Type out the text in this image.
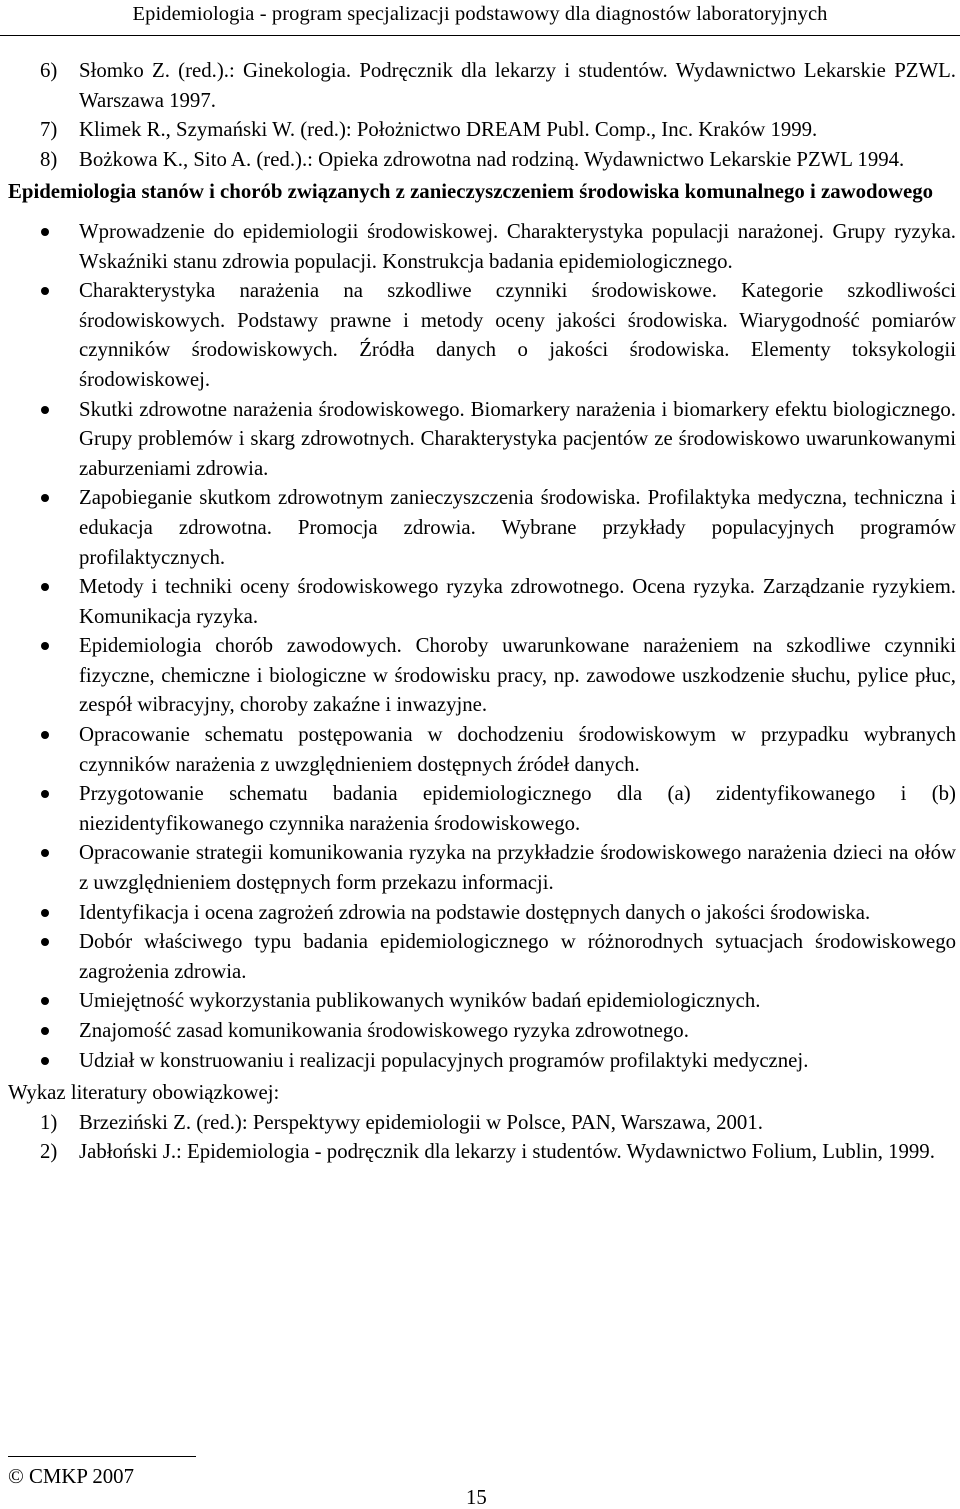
Epidemiologia - program specjalizacji podstawowy dla diagnostów laboratoryjnych
6) Słomko Z. (red.).: Ginekologia. Podręcznik dla lekarzy i studentów. Wydawnictwo Lekarskie PZWL. Warszawa 1997.
7) Klimek R., Szymański W. (red.): Położnictwo DREAM Publ. Comp., Inc. Kraków 1999.
8) Bożkowa K., Sito A. (red.).: Opieka zdrowotna nad rodziną. Wydawnictwo Lekarskie PZWL 1994.
Epidemiologia stanów i chorób związanych z zanieczyszczeniem środowiska komunalnego i zawodowego
Wprowadzenie do epidemiologii środowiskowej. Charakterystyka populacji narażonej. Grupy ryzyka. Wskaźniki stanu zdrowia populacji. Konstrukcja badania epidemiologicznego.
Charakterystyka narażenia na szkodliwe czynniki środowiskowe. Kategorie szkodliwości środowiskowych. Podstawy prawne i metody oceny jakości środowiska. Wiarygodność pomiarów czynników środowiskowych. Źródła danych o jakości środowiska. Elementy toksykologii środowiskowej.
Skutki zdrowotne narażenia środowiskowego. Biomarkery narażenia i biomarkery efektu biologicznego. Grupy problemów i skarg zdrowotnych. Charakterystyka pacjentów ze środowiskowo uwarunkowanymi zaburzeniami zdrowia.
Zapobieganie skutkom zdrowotnym zanieczyszczenia środowiska. Profilaktyka medyczna, techniczna i edukacja zdrowotna. Promocja zdrowia. Wybrane przykłady populacyjnych programów profilaktycznych.
Metody i techniki oceny środowiskowego ryzyka zdrowotnego. Ocena ryzyka. Zarządzanie ryzykiem. Komunikacja ryzyka.
Epidemiologia chorób zawodowych. Choroby uwarunkowane narażeniem na szkodliwe czynniki fizyczne, chemiczne i biologiczne w środowisku pracy, np. zawodowe uszkodzenie słuchu, pylice płuc, zespół wibracyjny, choroby zakaźne i inwazyjne.
Opracowanie schematu postępowania w dochodzeniu środowiskowym w przypadku wybranych czynników narażenia z uwzględnieniem dostępnych źródeł danych.
Przygotowanie schematu badania epidemiologicznego dla (a) zidentyfikowanego i (b) niezidentyfikowanego czynnika narażenia środowiskowego.
Opracowanie strategii komunikowania ryzyka na przykładzie środowiskowego narażenia dzieci na ołów z uwzględnieniem dostępnych form przekazu informacji.
Identyfikacja i ocena zagrożeń zdrowia na podstawie dostępnych danych o jakości środowiska.
Dobór właściwego typu badania epidemiologicznego w różnorodnych sytuacjach środowiskowego zagrożenia zdrowia.
Umiejętność wykorzystania publikowanych wyników badań epidemiologicznych.
Znajomość zasad komunikowania środowiskowego ryzyka zdrowotnego.
Udział w konstruowaniu i realizacji populacyjnych programów profilaktyki medycznej.

Wykaz literatury obowiązkowej:

1) Brzeziński Z. (red.): Perspektywy epidemiologii w Polsce, PAN, Warszawa, 2001.
2) Jabłoński J.: Epidemiologia - podręcznik dla lekarzy i studentów. Wydawnictwo Folium, Lublin, 1999.
© CMKP 2007
15
